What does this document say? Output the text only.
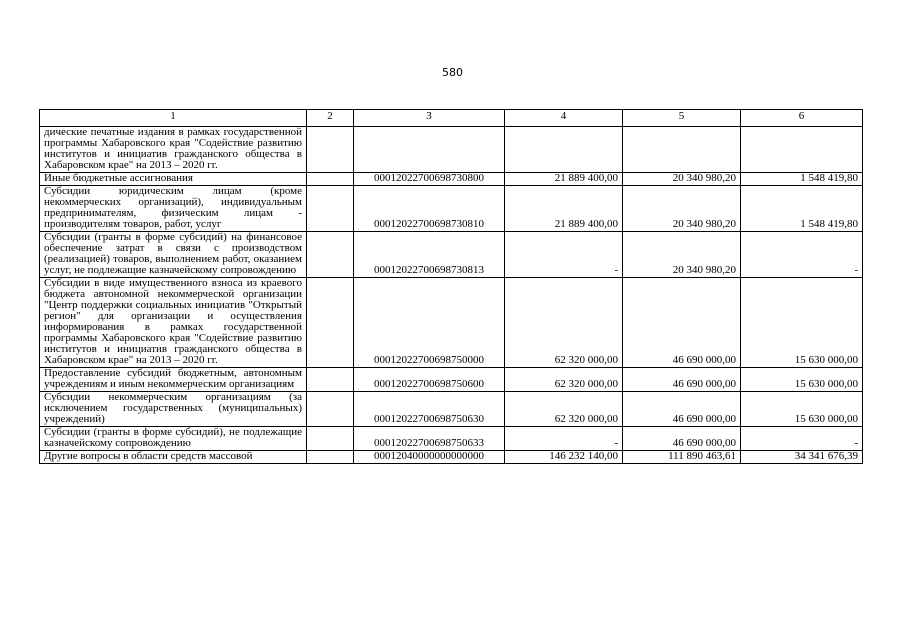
580
1	2	3	4	5	6
дические печатные издания в рамках государственной программы Хабаровского края "Содействие развитию институтов и инициатив гражданского общества в Хабаровском крае" на 2013 – 2020 гг.					
Иные бюджетные ассигнования		00012022700698730800	21 889 400,00	20 340 980,20	1 548 419,80
Субсидии юридическим лицам (кроме некоммерческих организаций), индивидуальным предпринимателям, физическим лицам - производителям товаров, работ, услуг		00012022700698730810	21 889 400,00	20 340 980,20	1 548 419,80
Субсидии (гранты в форме субсидий) на финансовое обеспечение затрат в связи с производством (реализацией) товаров, выполнением работ, оказанием услуг, не подлежащие казначейскому сопровождению		00012022700698730813	-	20 340 980,20	-
Субсидии в виде имущественного взноса из краевого бюджета автономной некоммерческой организации "Центр поддержки социальных инициатив "Открытый регион" для организации и осуществления информирования в рамках государственной программы Хабаровского края "Содействие развитию институтов и инициатив гражданского общества в Хабаровском крае" на 2013 – 2020 гг.		00012022700698750000	62 320 000,00	46 690 000,00	15 630 000,00
Предоставление субсидий бюджетным, автономным учреждениям и иным некоммерческим организациям		00012022700698750600	62 320 000,00	46 690 000,00	15 630 000,00
Субсидии некоммерческим организациям (за исключением государственных (муниципальных) учреждений)		00012022700698750630	62 320 000,00	46 690 000,00	15 630 000,00
Субсидии (гранты в форме субсидий), не подлежащие казначейскому сопровождению		00012022700698750633	-	46 690 000,00	-
Другие вопросы в области средств массовой		00012040000000000000	146 232 140,00	111 890 463,61	34 341 676,39
